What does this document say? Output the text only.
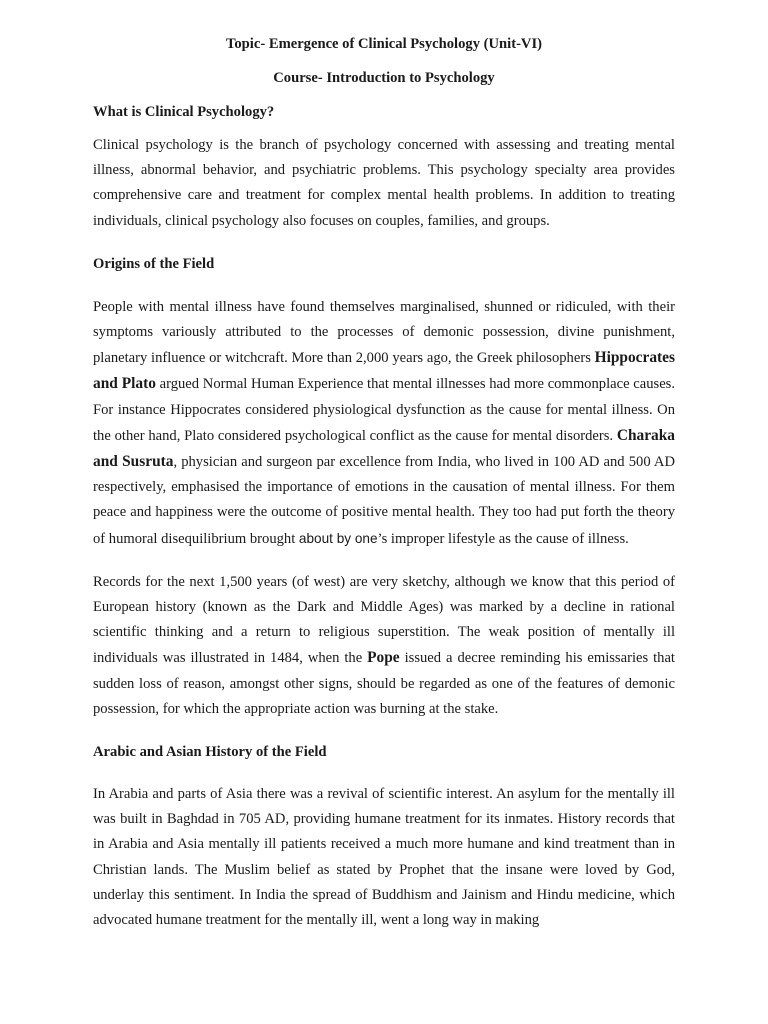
Topic- Emergence of Clinical Psychology (Unit-VI)

Course- Introduction to Psychology

What is Clinical Psychology?

Clinical psychology is the branch of psychology concerned with assessing and treating mental illness, abnormal behavior, and psychiatric problems. This psychology specialty area provides comprehensive care and treatment for complex mental health problems. In addition to treating individuals, clinical psychology also focuses on couples, families, and groups.

Origins of the Field

People with mental illness have found themselves marginalised, shunned or ridiculed, with their symptoms variously attributed to the processes of demonic possession, divine punishment, planetary influence or witchcraft. More than 2,000 years ago, the Greek philosophers Hippocrates and Plato argued Normal Human Experience that mental illnesses had more commonplace causes. For instance Hippocrates considered physiological dysfunction as the cause for mental illness. On the other hand, Plato considered psychological conflict as the cause for mental disorders. Charaka and Susruta, physician and surgeon par excellence from India, who lived in 100 AD and 500 AD respectively, emphasised the importance of emotions in the causation of mental illness. For them peace and happiness were the outcome of positive mental health. They too had put forth the theory of humoral disequilibrium brought about by one’s improper lifestyle as the cause of illness.

Records for the next 1,500 years (of west) are very sketchy, although we know that this period of European history (known as the Dark and Middle Ages) was marked by a decline in rational scientific thinking and a return to religious superstition. The weak position of mentally ill individuals was illustrated in 1484, when the Pope issued a decree reminding his emissaries that sudden loss of reason, amongst other signs, should be regarded as one of the features of demonic possession, for which the appropriate action was burning at the stake.

Arabic and Asian History of the Field

In Arabia and parts of Asia there was a revival of scientific interest. An asylum for the mentally ill was built in Baghdad in 705 AD, providing humane treatment for its inmates. History records that in Arabia and Asia mentally ill patients received a much more humane and kind treatment than in Christian lands. The Muslim belief as stated by Prophet that the insane were loved by God, underlay this sentiment. In India the spread of Buddhism and Jainism and Hindu medicine, which advocated humane treatment for the mentally ill, went a long way in making
